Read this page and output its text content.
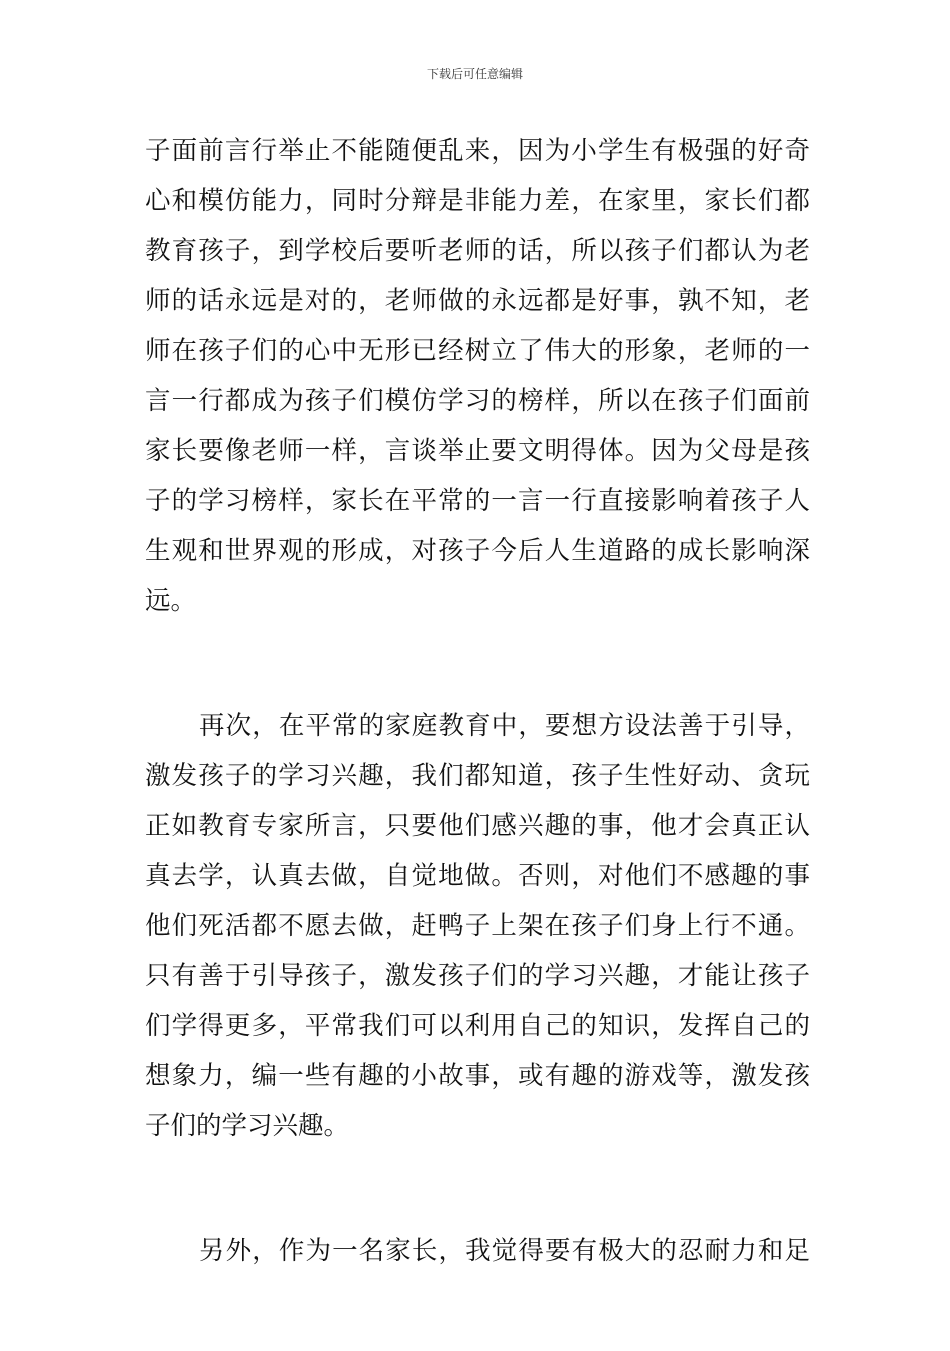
下载后可任意编辑
子面前言行举止不能随便乱来，因为小学生有极强的好奇
心和模仿能力，同时分辩是非能力差，在家里，家长们都
教育孩子，到学校后要听老师的话，所以孩子们都认为老
师的话永远是对的，老师做的永远都是好事，孰不知，老
师在孩子们的心中无形已经树立了伟大的形象，老师的一
言一行都成为孩子们模仿学习的榜样，所以在孩子们面前
家长要像老师一样，言谈举止要文明得体。因为父母是孩
子的学习榜样，家长在平常的一言一行直接影响着孩子人
生观和世界观的形成，对孩子今后人生道路的成长影响深
远。
再次，在平常的家庭教育中，要想方设法善于引导，
激发孩子的学习兴趣，我们都知道，孩子生性好动、贪玩
正如教育专家所言，只要他们感兴趣的事，他才会真正认
真去学，认真去做，自觉地做。否则，对他们不感趣的事
他们死活都不愿去做，赶鸭子上架在孩子们身上行不通。
只有善于引导孩子，激发孩子们的学习兴趣，才能让孩子
们学得更多，平常我们可以利用自己的知识，发挥自己的
想象力，编一些有趣的小故事，或有趣的游戏等，激发孩
子们的学习兴趣。
另外，作为一名家长，我觉得要有极大的忍耐力和足
